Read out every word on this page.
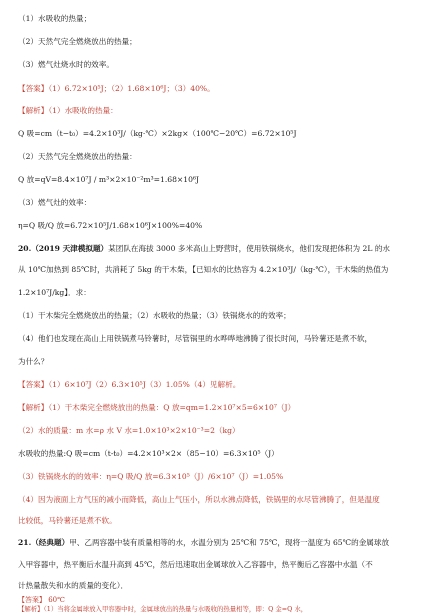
（1）水吸收的热量；
（2）天然气完全燃烧放出的热量；
（3）燃气灶烧水时的效率。
【答案】（1）6.72×10⁵J；（2）1.68×10⁶J；（3）40%。
【解析】（1）水吸收的热量：
Q 吸=cm（t−t₀）=4.2×10³J/（kg·℃）×2kg×（100℃−20℃）=6.72×10⁵J
（2）天然气完全燃烧放出的热量：
Q 放=qV=8.4×10⁷J / m³×2×10⁻²m³=1.68×10⁶J
（3）燃气灶的效率：
η=Q 吸/Q 放=6.72×10⁵J/1.68×10⁶J×100%=40%
20.（2019 天津模拟题）某团队在海拔 3000 多米高山上野营时，使用铁锅烧水，他们发现把体积为 2L 的水
从 10℃加热到 85℃时，共消耗了 5kg 的干木柴，【已知水的比热容为 4.2×10³J/（kg·℃），干木柴的热值为
1.2×10⁷J/kg】．求：
（1）干木柴完全燃烧放出的热量；（2）水吸收的热量；（3）铁锅烧水的的效率；
（4）他们也发现在高山上用铁锅煮马铃薯时，尽管锅里的水哗哗地沸腾了很长时间，马铃薯还是煮不软，
为什么？
【答案】（1）6×10⁷J（2）6.3×10⁵J（3）1.05%（4）见解析。
【解析】（1）干木柴完全燃烧放出的热量：Q 放=qm=1.2×10⁷×5=6×10⁷（J）
（2）水的质量：m 水=ρ 水 V 水=1.0×10³×2×10⁻³=2（kg）
水吸收的热量:Q 吸=cm（t-t₀）=4.2×10³×2×（85−10）=6.3×10⁵（J）
（3）铁锅烧水的的效率：η=Q 吸/Q 放=6.3×10⁵（J）/6×10⁷（J）=1.05%
（4）因为液面上方气压的减小而降低，高山上气压小，所以水沸点降低，铁锅里的水尽管沸腾了，但是温度
比较低，马铃薯还是煮不软。
21.（经典题）甲、乙两容器中装有质量相等的水，水温分别为 25℃和 75℃，现将一温度为 65℃的金属球放
入甲容器中，热平衡后水温升高到 45℃，然后迅速取出金属球放入乙容器中，热平衡后乙容器中水温（不
计热量散失和水的质量的变化）．
【答案】 60℃
【解析】（1）当将金属球放入甲容器中时，金属球放出的热量与水吸收的热量相等，即：Q 金=Q 水，
